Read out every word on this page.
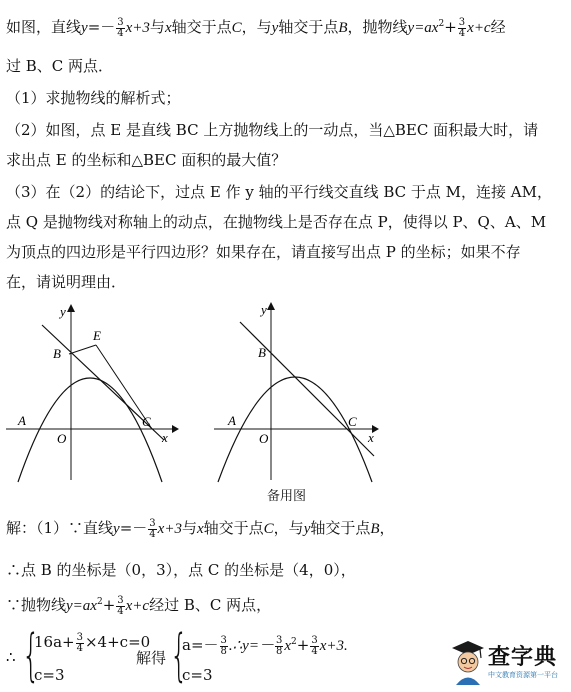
如图，直线$y=- \frac{3}{4} x+3$与x轴交于点C，与y轴交于点B，抛物线$y=ax^2+ \frac{3}{4} x+c$经
过 B、C 两点．
（1）求抛物线的解析式；
（2）如图，点 E 是直线 BC 上方抛物线上的一动点，当△BEC 面积最大时，请
求出点 E 的坐标和△BEC 面积的最大值？
（3）在（2）的结论下，过点 E 作 y 轴的平行线交直线 BC 于点 M，连接 AM，
点 Q 是抛物线对称轴上的动点，在抛物线上是否存在点 P，使得以 P、Q、A、M
为顶点的四边形是平行四边形？如果存在，请直接写出点 P 的坐标；如果不存
在，请说明理由．
y
x
O
A
B
C
E
y
x
O
A
B
C
备用图
解：（1）∵直线$y=- \frac{3}{4} x+3$与x轴交于点C，与y轴交于点B，
∴点 B 的坐标是（0，3），点 C 的坐标是（4，0），
∵抛物线$y=ax^2+ \frac{3}{4} x+c$经过 B、C 两点，
∴ {
$16a+ \frac{3}{4} \times 4+c=0$
c=3
解得 {
$a=- \frac{3}{8}$ .∴y=－ $\frac{3}{8} x^2+ \frac{3}{4} x+3$.
c=3
查字典
中文教育资源第一平台
